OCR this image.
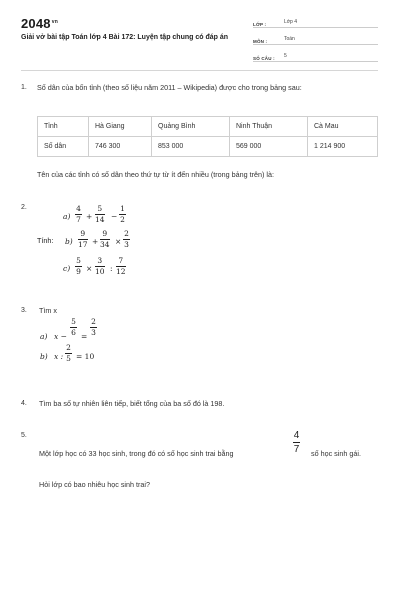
$2048^{vn}$
Giải vở bài tập Toán lớp 4 Bài 172: Luyện tập chung có đáp án
LỚP :	Lớp 4
MÔN :	Toán
SỐ CÂU :	5
1. Số dân của bốn tỉnh (theo số liệu năm 2011 – Wikipedia) được cho trong bảng sau:
Tỉnh	Hà Giang	Quảng Bình	Ninh Thuận	Cà Mau
Số dân	746 300	853 000	569 000	1 214 900
Tên của các tỉnh có số dân theo thứ tự từ ít đến nhiều (trong bảng trên) là:
2.
Tính:
a)
4
7 +
5
14 −
1
2
b)
9
17 +
9
34 ×
2
3
c)
5
9 ×
3
10 :
7
12
3. Tìm x
a) x −
5
6 =
2
3
b) x :
2
5 = 10
4. Tìm ba số tự nhiên liên tiếp, biết tổng của ba số đó là 198.
5.
Một lớp học có 33 học sinh, trong đó có số học sinh trai bằng
4
7 số học sinh gái.
Hỏi lớp có bao nhiêu học sinh trai?
